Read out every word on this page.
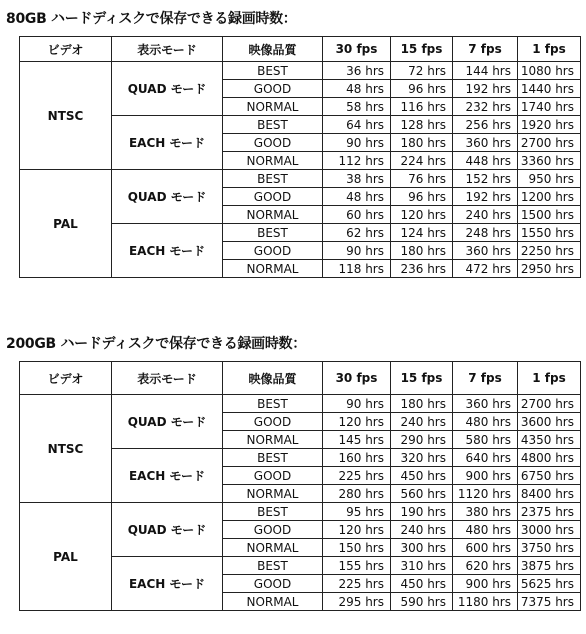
80GB ハードディスクで保存できる録画時数：
ビデオ	表示モード	映像品質	30 fps	15 fps	7 fps	1 fps
NTSC	QUAD モード	BEST	36 hrs	72 hrs	144 hrs	1080 hrs
		GOOD	48 hrs	96 hrs	192 hrs	1440 hrs
		NORMAL	58 hrs	116 hrs	232 hrs	1740 hrs
	EACH モード	BEST	64 hrs	128 hrs	256 hrs	1920 hrs
		GOOD	90 hrs	180 hrs	360 hrs	2700 hrs
		NORMAL	112 hrs	224 hrs	448 hrs	3360 hrs
PAL	QUAD モード	BEST	38 hrs	76 hrs	152 hrs	950 hrs
		GOOD	48 hrs	96 hrs	192 hrs	1200 hrs
		NORMAL	60 hrs	120 hrs	240 hrs	1500 hrs
	EACH モード	BEST	62 hrs	124 hrs	248 hrs	1550 hrs
		GOOD	90 hrs	180 hrs	360 hrs	2250 hrs
		NORMAL	118 hrs	236 hrs	472 hrs	2950 hrs
200GB ハードディスクで保存できる録画時数：
ビデオ	表示モード	映像品質	30 fps	15 fps	7 fps	1 fps
NTSC	QUAD モード	BEST	90 hrs	180 hrs	360 hrs	2700 hrs
		GOOD	120 hrs	240 hrs	480 hrs	3600 hrs
		NORMAL	145 hrs	290 hrs	580 hrs	4350 hrs
	EACH モード	BEST	160 hrs	320 hrs	640 hrs	4800 hrs
		GOOD	225 hrs	450 hrs	900 hrs	6750 hrs
		NORMAL	280 hrs	560 hrs	1120 hrs	8400 hrs
PAL	QUAD モード	BEST	95 hrs	190 hrs	380 hrs	2375 hrs
		GOOD	120 hrs	240 hrs	480 hrs	3000 hrs
		NORMAL	150 hrs	300 hrs	600 hrs	3750 hrs
	EACH モード	BEST	155 hrs	310 hrs	620 hrs	3875 hrs
		GOOD	225 hrs	450 hrs	900 hrs	5625 hrs
		NORMAL	295 hrs	590 hrs	1180 hrs	7375 hrs
